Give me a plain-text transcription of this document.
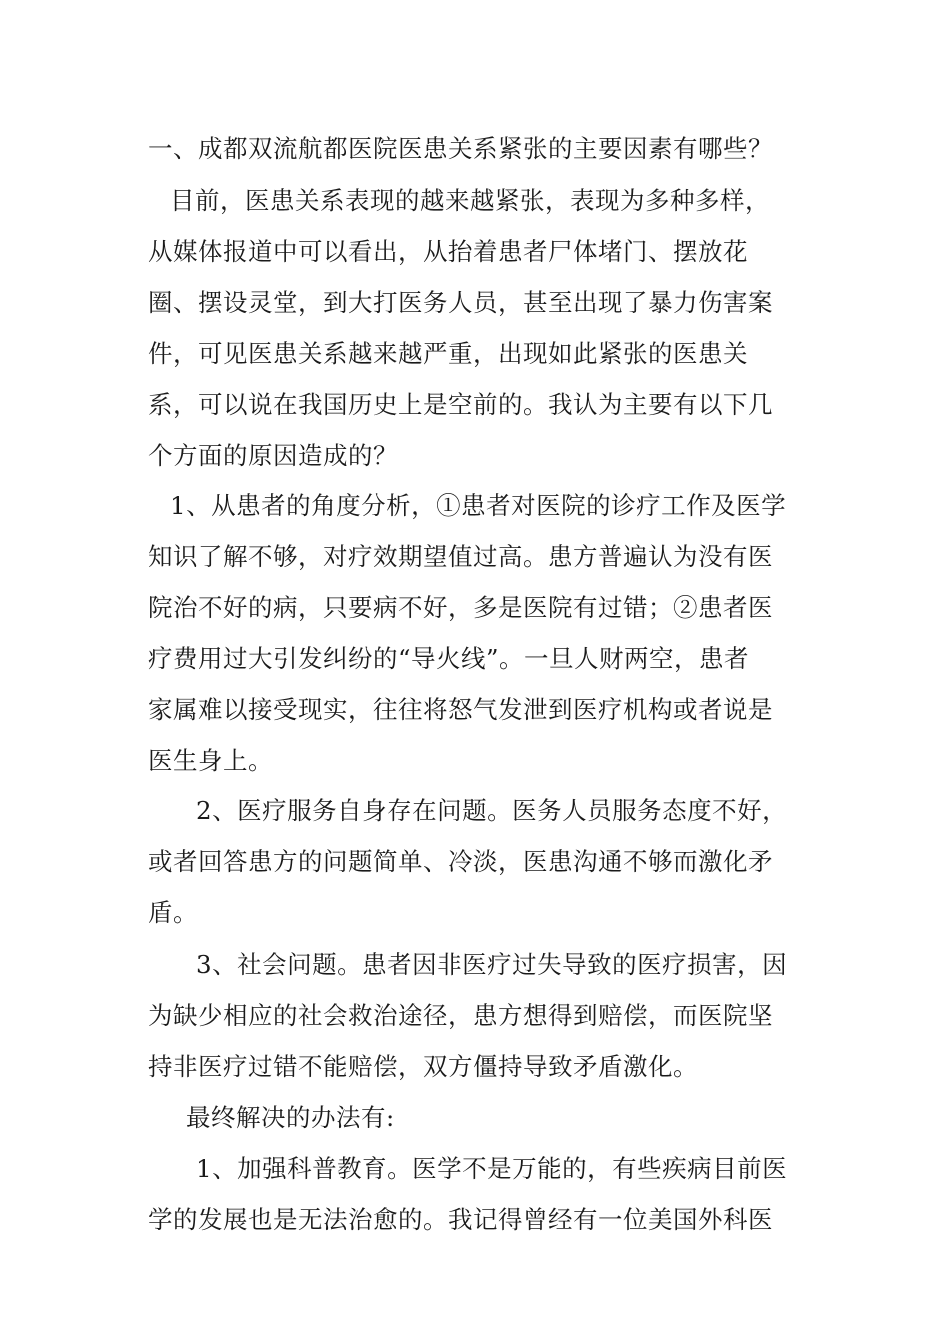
一、成都双流航都医院医患关系紧张的主要因素有哪些？
目前，医患关系表现的越来越紧张，表现为多种多样，
从媒体报道中可以看出，从抬着患者尸体堵门、摆放花
圈、摆设灵堂，到大打医务人员，甚至出现了暴力伤害案
件，可见医患关系越来越严重，出现如此紧张的医患关
系，可以说在我国历史上是空前的。我认为主要有以下几
个方面的原因造成的？
1、从患者的角度分析，①患者对医院的诊疗工作及医学
知识了解不够，对疗效期望值过高。患方普遍认为没有医
院治不好的病，只要病不好，多是医院有过错；②患者医
疗费用过大引发纠纷的“导火线”。一旦人财两空，患者
家属难以接受现实，往往将怒气发泄到医疗机构或者说是
医生身上。
2、医疗服务自身存在问题。医务人员服务态度不好，
或者回答患方的问题简单、冷淡，医患沟通不够而激化矛
盾。
3、社会问题。患者因非医疗过失导致的医疗损害，因
为缺少相应的社会救治途径，患方想得到赔偿，而医院坚
持非医疗过错不能赔偿，双方僵持导致矛盾激化。
最终解决的办法有:
1、加强科普教育。医学不是万能的，有些疾病目前医
学的发展也是无法治愈的。我记得曾经有一位美国外科医
